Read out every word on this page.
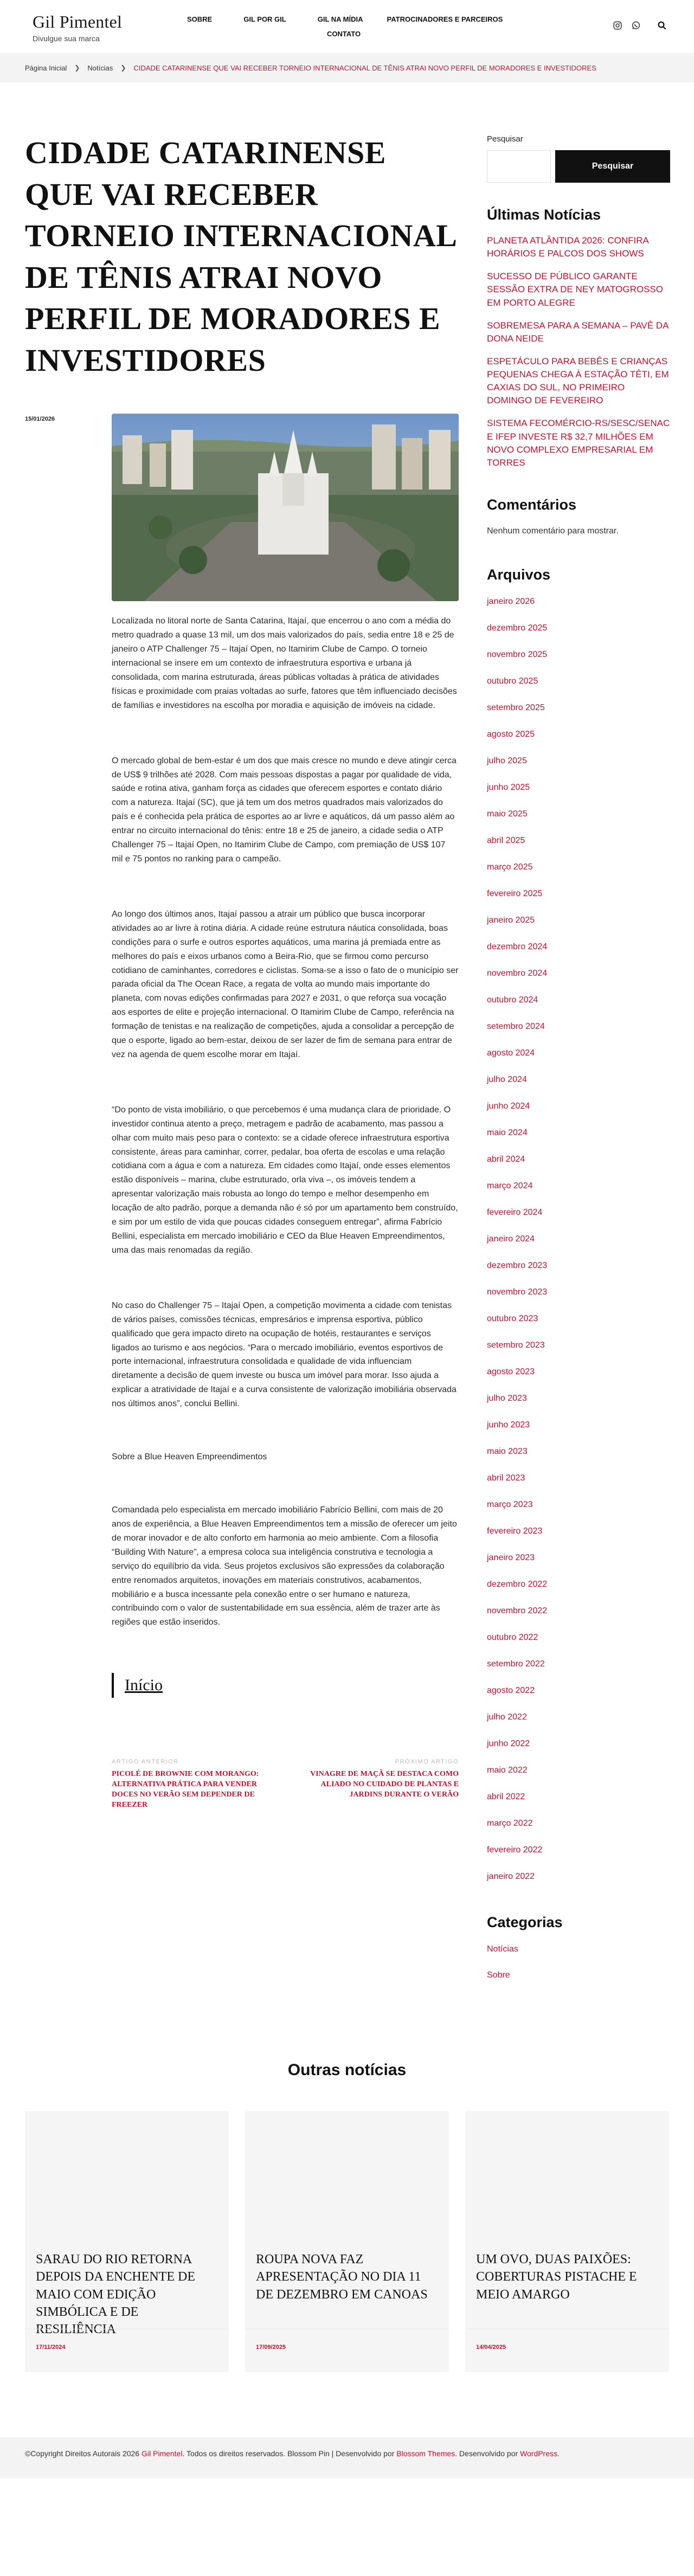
Gil Pimentel
Divulgue sua marca
SOBRE	GIL POR GIL	GIL NA MÍDIA	PATROCINADORES E PARCEIROS
CONTATO
Página Inicial ❯ Notícias ❯ CIDADE CATARINENSE QUE VAI RECEBER TORNEIO INTERNACIONAL DE TÊNIS ATRAI NOVO PERFIL DE MORADORES E INVESTIDORES
CIDADE CATARINENSE QUE VAI RECEBER TORNEIO INTERNACIONAL DE TÊNIS ATRAI NOVO PERFIL DE MORADORES E INVESTIDORES
15/01/2026

Localizada no litoral norte de Santa Catarina, Itajaí, que encerrou o ano com a média do metro quadrado a quase 13 mil, um dos mais valorizados do país, sedia entre 18 e 25 de janeiro o ATP Challenger 75 – Itajaí Open, no Itamirim Clube de Campo. O torneio internacional se insere em um contexto de infraestrutura esportiva e urbana já consolidada, com marina estruturada, áreas públicas voltadas à prática de atividades físicas e proximidade com praias voltadas ao surfe, fatores que têm influenciado decisões de famílias e investidores na escolha por moradia e aquisição de imóveis na cidade.

O mercado global de bem-estar é um dos que mais cresce no mundo e deve atingir cerca de US$ 9 trilhões até 2028. Com mais pessoas dispostas a pagar por qualidade de vida, saúde e rotina ativa, ganham força as cidades que oferecem esportes e contato diário com a natureza. Itajaí (SC), que já tem um dos metros quadrados mais valorizados do país e é conhecida pela prática de esportes ao ar livre e aquáticos, dá um passo além ao entrar no circuito internacional do tênis: entre 18 e 25 de janeiro, a cidade sedia o ATP Challenger 75 – Itajaí Open, no Itamirim Clube de Campo, com premiação de US$ 107 mil e 75 pontos no ranking para o campeão.

Ao longo dos últimos anos, Itajaí passou a atrair um público que busca incorporar atividades ao ar livre à rotina diária. A cidade reúne estrutura náutica consolidada, boas condições para o surfe e outros esportes aquáticos, uma marina já premiada entre as melhores do país e eixos urbanos como a Beira-Rio, que se firmou como percurso cotidiano de caminhantes, corredores e ciclistas. Soma-se a isso o fato de o município ser parada oficial da The Ocean Race, a regata de volta ao mundo mais importante do planeta, com novas edições confirmadas para 2027 e 2031, o que reforça sua vocação aos esportes de elite e projeção internacional. O Itamirim Clube de Campo, referência na formação de tenistas e na realização de competições, ajuda a consolidar a percepção de que o esporte, ligado ao bem-estar, deixou de ser lazer de fim de semana para entrar de vez na agenda de quem escolhe morar em Itajaí.

“Do ponto de vista imobiliário, o que percebemos é uma mudança clara de prioridade. O investidor continua atento a preço, metragem e padrão de acabamento, mas passou a olhar com muito mais peso para o contexto: se a cidade oferece infraestrutura esportiva consistente, áreas para caminhar, correr, pedalar, boa oferta de escolas e uma relação cotidiana com a água e com a natureza. Em cidades como Itajaí, onde esses elementos estão disponíveis – marina, clube estruturado, orla viva –, os imóveis tendem a apresentar valorização mais robusta ao longo do tempo e melhor desempenho em locação de alto padrão, porque a demanda não é só por um apartamento bem construído, e sim por um estilo de vida que poucas cidades conseguem entregar”, afirma Fabrício Bellini, especialista em mercado imobiliário e CEO da Blue Heaven Empreendimentos, uma das mais renomadas da região.

No caso do Challenger 75 – Itajaí Open, a competição movimenta a cidade com tenistas de vários países, comissões técnicas, empresários e imprensa esportiva, público qualificado que gera impacto direto na ocupação de hotéis, restaurantes e serviços ligados ao turismo e aos negócios. “Para o mercado imobiliário, eventos esportivos de porte internacional, infraestrutura consolidada e qualidade de vida influenciam diretamente a decisão de quem investe ou busca um imóvel para morar. Isso ajuda a explicar a atratividade de Itajaí e a curva consistente de valorização imobiliária observada nos últimos anos”, conclui Bellini.

Sobre a Blue Heaven Empreendimentos

Comandada pelo especialista em mercado imobiliário Fabrício Bellini, com mais de 20 anos de experiência, a Blue Heaven Empreendimentos tem a missão de oferecer um jeito de morar inovador e de alto conforto em harmonia ao meio ambiente. Com a filosofia “Building With Nature”, a empresa coloca sua inteligência construtiva e tecnologia a serviço do equilíbrio da vida. Seus projetos exclusivos são expressões da colaboração entre renomados arquitetos, inovações em materiais construtivos, acabamentos, mobiliário e a busca incessante pela conexão entre o ser humano e natureza, contribuindo com o valor de sustentabilidade em sua essência, além de trazer arte às regiões que estão inseridos.

Início
ARTIGO ANTERIOR
PICOLÉ DE BROWNIE COM MORANGO: ALTERNATIVA PRÁTICA PARA VENDER DOCES NO VERÃO SEM DEPENDER DE FREEZER
PRÓXIMO ARTIGO
VINAGRE DE MAÇÃ SE DESTACA COMO ALIADO NO CUIDADO DE PLANTAS E JARDINS DURANTE O VERÃO
Pesquisar
Pesquisar
Últimas Notícias
PLANETA ATLÂNTIDA 2026: CONFIRA HORÁRIOS E PALCOS DOS SHOWS
SUCESSO DE PÚBLICO GARANTE SESSÃO EXTRA DE NEY MATOGROSSO EM PORTO ALEGRE
SOBREMESA PARA A SEMANA – PAVÊ DA DONA NEIDE
ESPETÁCULO PARA BEBÊS E CRIANÇAS PEQUENAS CHEGA À ESTAÇÃO TÊTI, EM CAXIAS DO SUL, NO PRIMEIRO DOMINGO DE FEVEREIRO
SISTEMA FECOMÉRCIO-RS/SESC/SENAC E IFEP INVESTE R$ 32,7 MILHÕES EM NOVO COMPLEXO EMPRESARIAL EM TORRES
Comentários

Nenhum comentário para mostrar.

Arquivos
janeiro 2026
dezembro 2025
novembro 2025
outubro 2025
setembro 2025
agosto 2025
julho 2025
junho 2025
maio 2025
abril 2025
março 2025
fevereiro 2025
janeiro 2025
dezembro 2024
novembro 2024
outubro 2024
setembro 2024
agosto 2024
julho 2024
junho 2024
maio 2024
abril 2024
março 2024
fevereiro 2024
janeiro 2024
dezembro 2023
novembro 2023
outubro 2023
setembro 2023
agosto 2023
julho 2023
junho 2023
maio 2023
abril 2023
março 2023
fevereiro 2023
janeiro 2023
dezembro 2022
novembro 2022
outubro 2022
setembro 2022
agosto 2022
julho 2022
junho 2022
maio 2022
abril 2022
março 2022
fevereiro 2022
janeiro 2022
Categorias
Notícias
Sobre
Outras notícias
SARAU DO RIO RETORNA DEPOIS DA ENCHENTE DE MAIO COM EDIÇÃO SIMBÓLICA E DE RESILIÊNCIA
17/11/2024
ROUPA NOVA FAZ APRESENTAÇÃO NO DIA 11 DE DEZEMBRO EM CANOAS
17/09/2025
UM OVO, DUAS PAIXÕES: COBERTURAS PISTACHE E MEIO AMARGO
14/04/2025
©Copyright Direitos Autorais 2026 Gil Pimentel. Todos os direitos reservados. Blossom Pin | Desenvolvido por Blossom Themes. Desenvolvido por WordPress.
